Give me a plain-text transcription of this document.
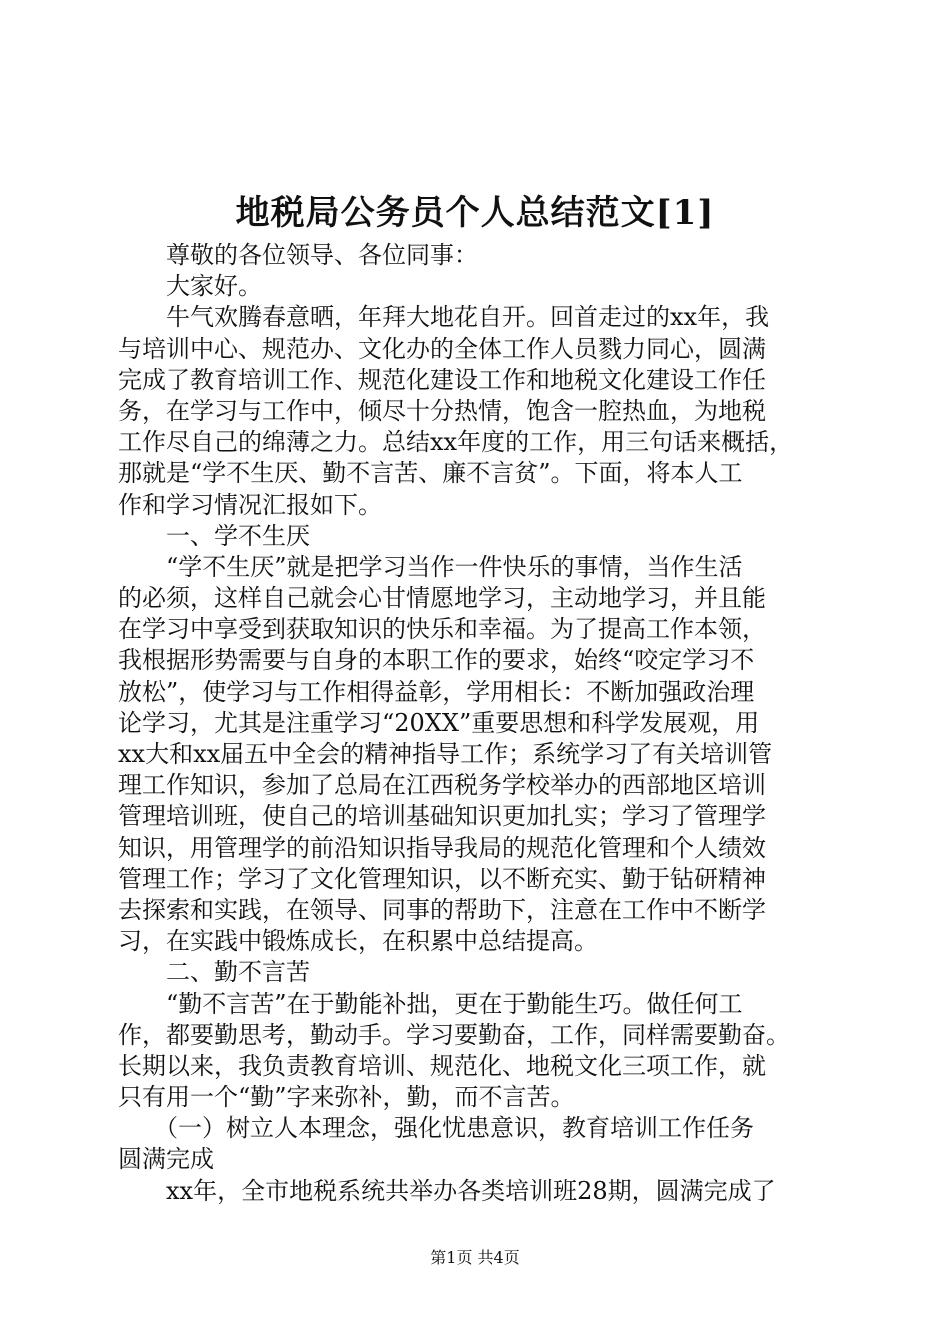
地税局公务员个人总结范文[1]
　　尊敬的各位领导、各位同事：
　　大家好。
　　牛气欢腾春意晒，年拜大地花自开。回首走过的xx年，我
与培训中心、规范办、文化办的全体工作人员戮力同心，圆满
完成了教育培训工作、规范化建设工作和地税文化建设工作任
务，在学习与工作中，倾尽十分热情，饱含一腔热血，为地税
工作尽自己的绵薄之力。总结xx年度的工作，用三句话来概括，
那就是“学不生厌、勤不言苦、廉不言贫”。下面，将本人工
作和学习情况汇报如下。
　　一、学不生厌
　　“学不生厌”就是把学习当作一件快乐的事情，当作生活
的必须，这样自己就会心甘情愿地学习，主动地学习，并且能
在学习中享受到获取知识的快乐和幸福。为了提高工作本领，
我根据形势需要与自身的本职工作的要求，始终“咬定学习不
放松”，使学习与工作相得益彰，学用相长：不断加强政治理
论学习，尤其是注重学习“20XX”重要思想和科学发展观，用
xx大和xx届五中全会的精神指导工作；系统学习了有关培训管
理工作知识，参加了总局在江西税务学校举办的西部地区培训
管理培训班，使自己的培训基础知识更加扎实；学习了管理学
知识，用管理学的前沿知识指导我局的规范化管理和个人绩效
管理工作；学习了文化管理知识，以不断充实、勤于钻研精神
去探索和实践，在领导、同事的帮助下，注意在工作中不断学
习，在实践中锻炼成长，在积累中总结提高。
　　二、勤不言苦
　　“勤不言苦”在于勤能补拙，更在于勤能生巧。做任何工
作，都要勤思考，勤动手。学习要勤奋，工作，同样需要勤奋。
长期以来，我负责教育培训、规范化、地税文化三项工作，就
只有用一个“勤”字来弥补，勤，而不言苦。
　　（一）树立人本理念，强化忧患意识，教育培训工作任务
圆满完成
　　xx年，全市地税系统共举办各类培训班28期，圆满完成了
第1页 共4页
